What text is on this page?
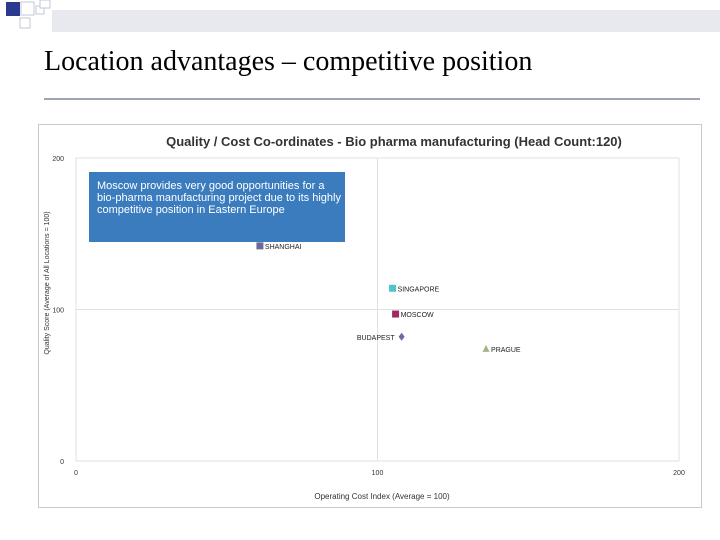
Location advantages – competitive position
Quality / Cost Co-ordinates - Bio pharma manufacturing (Head Count:120)
Operating Cost Index (Average = 100)
Quality Score (Average of All Locations = 100)
200
100
0
0	100	200
SHANGHAI
SINGAPORE
MOSCOW
BUDAPEST
PRAGUE
Moscow provides very good opportunities for a bio-pharma manufacturing project due to its highly competitive position in Eastern Europe
